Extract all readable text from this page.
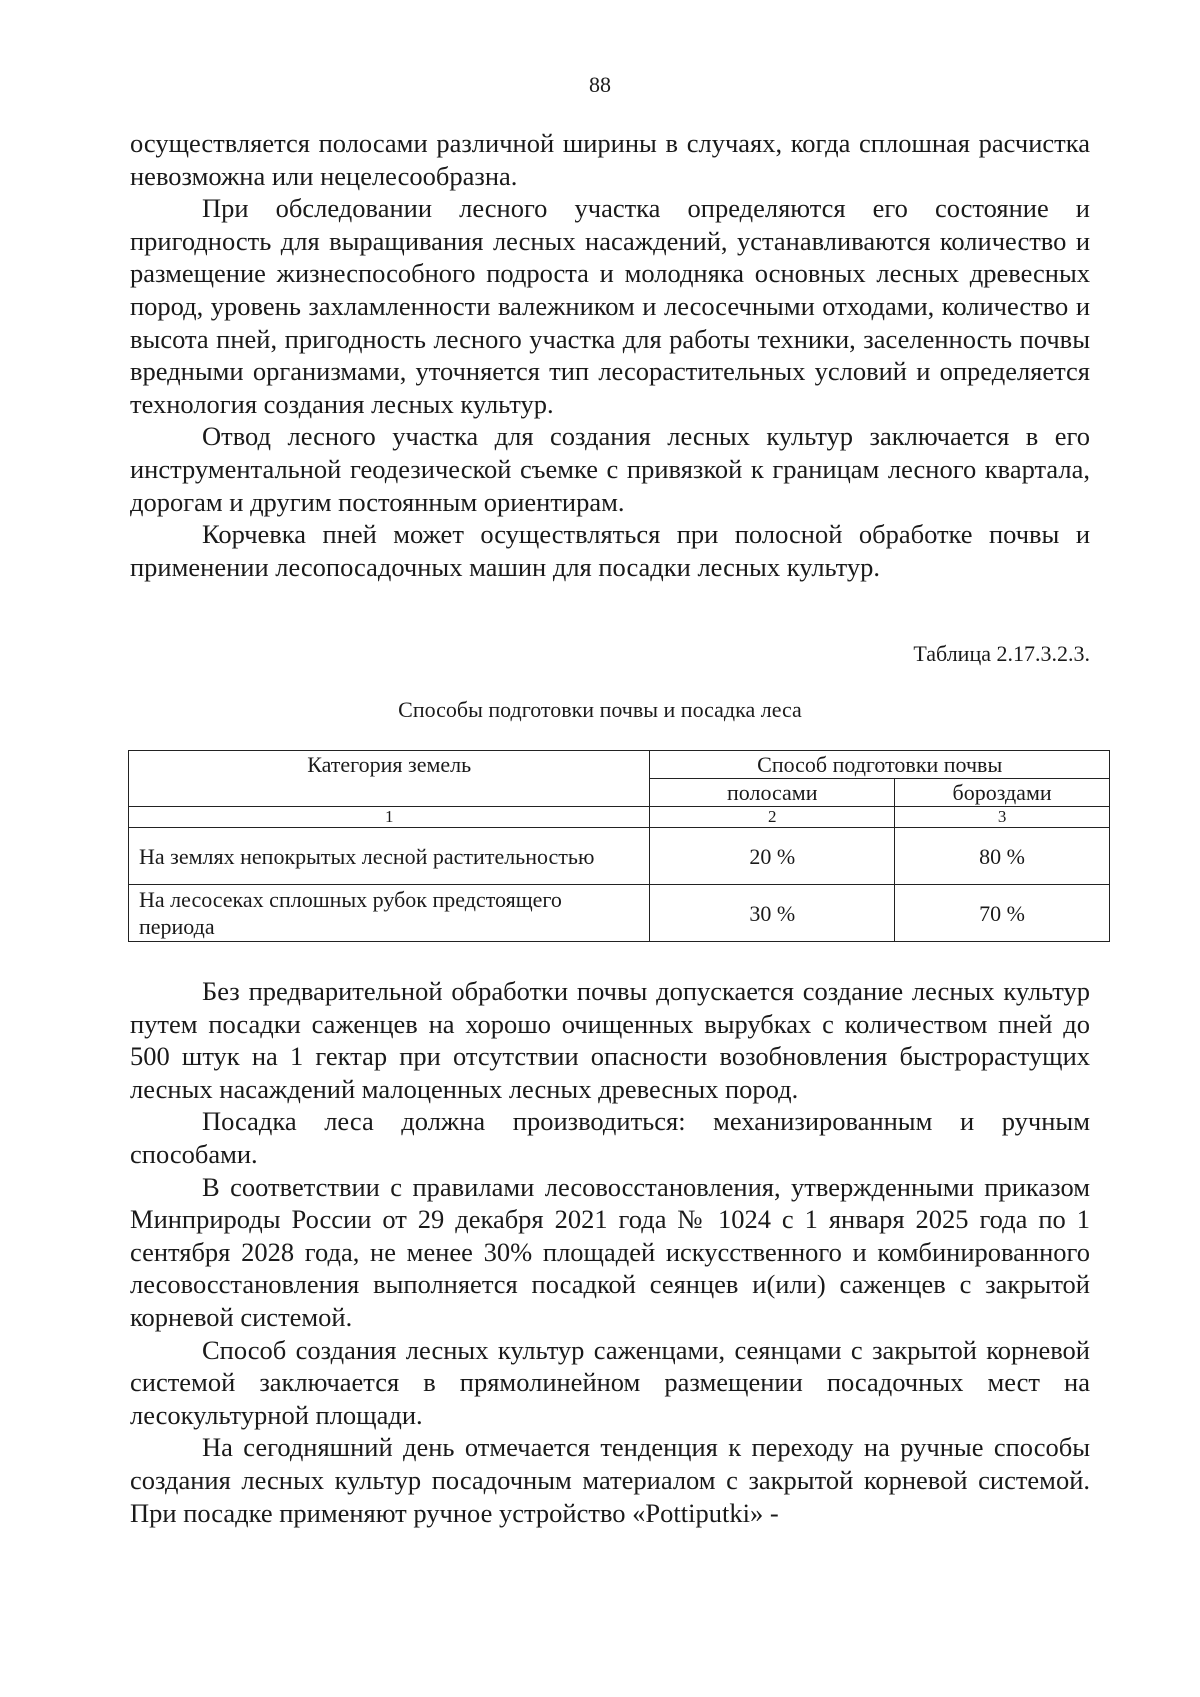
88

осуществляется полосами различной ширины в случаях, когда сплошная расчистка невозможна или нецелесообразна.

При обследовании лесного участка определяются его состояние и пригодность для выращивания лесных насаждений, устанавливаются количество и размещение жизнеспособного подроста и молодняка основных лесных древесных пород, уровень захламленности валежником и лесосечными отходами, количество и высота пней, пригодность лесного участка для работы техники, заселенность почвы вредными организмами, уточняется тип лесорастительных условий и определяется технология создания лесных культур.

Отвод лесного участка для создания лесных культур заключается в его инструментальной геодезической съемке с привязкой к границам лесного квартала, дорогам и другим постоянным ориентирам.

Корчевка пней может осуществляться при полосной обработке почвы и применении лесопосадочных машин для посадки лесных культур.

Таблица 2.17.3.2.3.
Способы подготовки почвы и посадка леса
Категория земель	Способ подготовки почвы	
	полосами	бороздами
1	2	3
На землях непокрытых лесной растительностью	20 %	80 %
На лесосеках сплошных рубок предстоящего периода	30 %	70 %

Без предварительной обработки почвы допускается создание лесных культур путем посадки саженцев на хорошо очищенных вырубках с количеством пней до 500 штук на 1 гектар при отсутствии опасности возобновления быстрорастущих лесных насаждений малоценных лесных древесных пород.

Посадка леса должна производиться: механизированным и ручным способами.

В соответствии с правилами лесовосстановления, утвержденными приказом Минприроды России от 29 декабря 2021 года № 1024 с 1 января 2025 года по 1 сентября 2028 года, не менее 30% площадей искусственного и комбинированного лесовосстановления выполняется посадкой сеянцев и(или) саженцев с закрытой корневой системой.

Способ создания лесных культур саженцами, сеянцами с закрытой корневой системой заключается в прямолинейном размещении посадочных мест на лесокультурной площади.

На сегодняшний день отмечается тенденция к переходу на ручные способы создания лесных культур посадочным материалом с закрытой корневой системой. При посадке применяют ручное устройство «Pottiputki» -
